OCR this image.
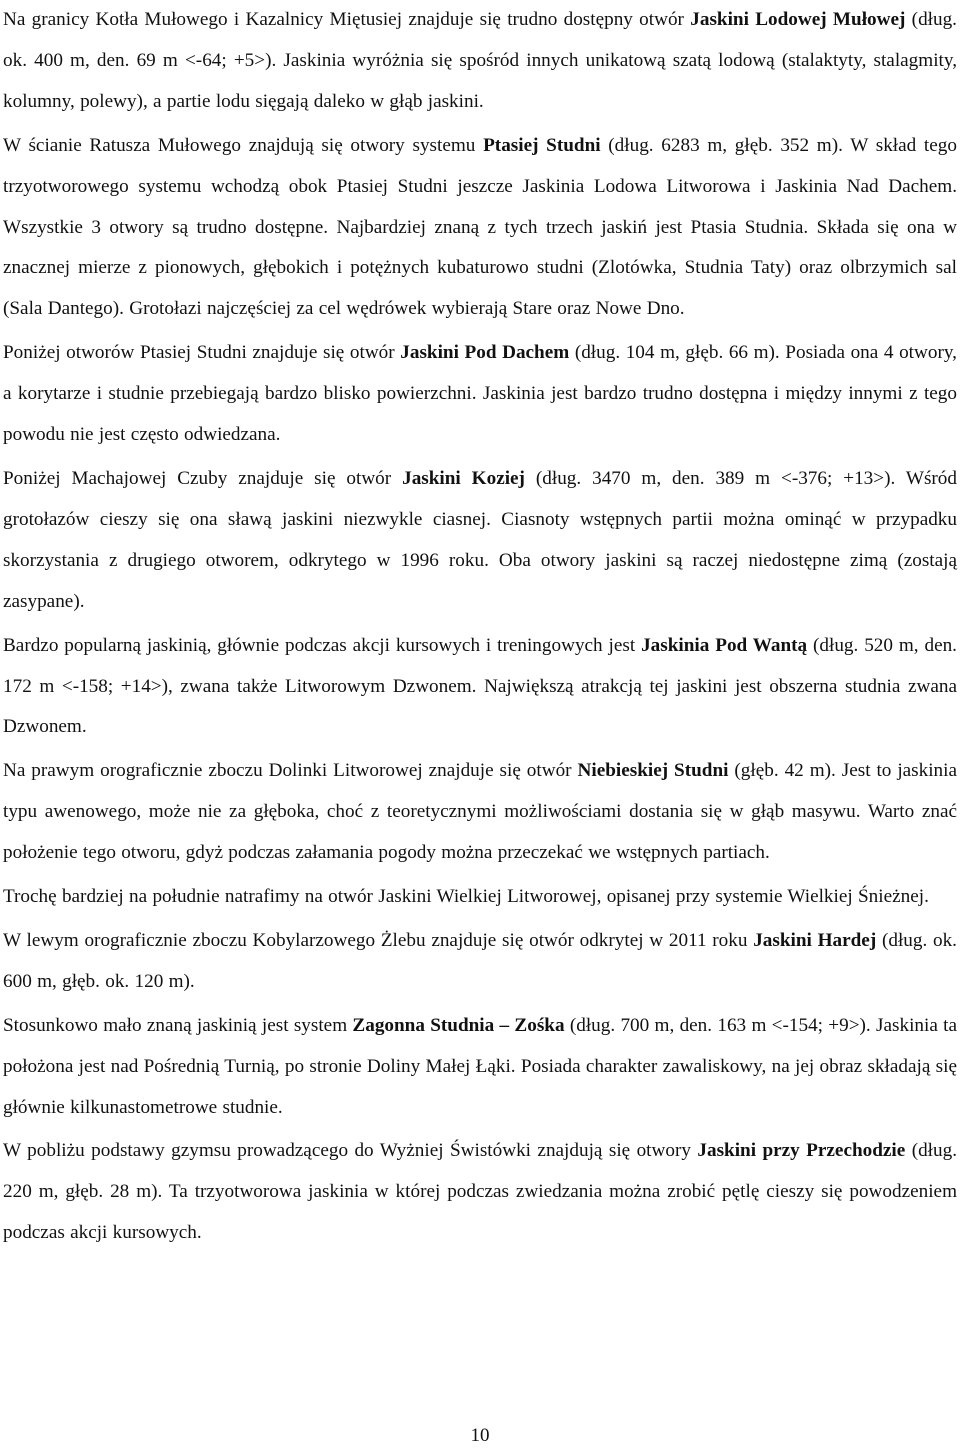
Na granicy Kotła Mułowego i Kazalnicy Miętusiej znajduje się trudno dostępny otwór Jaskini Lodowej Mułowej (dług. ok. 400 m, den. 69 m <-64; +5>). Jaskinia wyróżnia się spośród innych unikatową szatą lodową (stalaktyty, stalagmity, kolumny, polewy), a partie lodu sięgają daleko w głąb jaskini.

W ścianie Ratusza Mułowego znajdują się otwory systemu Ptasiej Studni (dług. 6283 m, głęb. 352 m). W skład tego trzyotworowego systemu wchodzą obok Ptasiej Studni jeszcze Jaskinia Lodowa Litworowa i Jaskinia Nad Dachem. Wszystkie 3 otwory są trudno dostępne. Najbardziej znaną z tych trzech jaskiń jest Ptasia Studnia. Składa się ona w znacznej mierze z pionowych, głębokich i potężnych kubaturowo studni (Zlotówka, Studnia Taty) oraz olbrzymich sal (Sala Dantego). Grotołazi najczęściej za cel wędrówek wybierają Stare oraz Nowe Dno.

Poniżej otworów Ptasiej Studni znajduje się otwór Jaskini Pod Dachem (dług. 104 m, głęb. 66 m). Posiada ona 4 otwory, a korytarze i studnie przebiegają bardzo blisko powierzchni. Jaskinia jest bardzo trudno dostępna i między innymi z tego powodu nie jest często odwiedzana.

Poniżej Machajowej Czuby znajduje się otwór Jaskini Koziej (dług. 3470 m, den. 389 m <-376; +13>). Wśród grotołazów cieszy się ona sławą jaskini niezwykle ciasnej. Ciasnoty wstępnych partii można ominąć w przypadku skorzystania z drugiego otworem, odkrytego w 1996 roku. Oba otwory jaskini są raczej niedostępne zimą (zostają zasypane).

Bardzo popularną jaskinią, głównie podczas akcji kursowych i treningowych jest Jaskinia Pod Wantą (dług. 520 m, den. 172 m <-158; +14>), zwana także Litworowym Dzwonem. Największą atrakcją tej jaskini jest obszerna studnia zwana Dzwonem.

Na prawym orograficznie zboczu Dolinki Litworowej znajduje się otwór Niebieskiej Studni (głęb. 42 m). Jest to jaskinia typu awenowego, może nie za głęboka, choć z teoretycznymi możliwościami dostania się w głąb masywu. Warto znać położenie tego otworu, gdyż podczas załamania pogody można przeczekać we wstępnych partiach.

Trochę bardziej na południe natrafimy na otwór Jaskini Wielkiej Litworowej, opisanej przy systemie Wielkiej Śnieżnej.

W lewym orograficznie zboczu Kobylarzowego Żlebu znajduje się otwór odkrytej w 2011 roku Jaskini Hardej (dług. ok. 600 m, głęb. ok. 120 m).

Stosunkowo mało znaną jaskinią jest system Zagonna Studnia – Zośka (dług. 700 m, den. 163 m <-154; +9>). Jaskinia ta położona jest nad Pośrednią Turnią, po stronie Doliny Małej Łąki. Posiada charakter zawaliskowy, na jej obraz składają się głównie kilkunastometrowe studnie.

W pobliżu podstawy gzymsu prowadzącego do Wyżniej Świstówki znajdują się otwory Jaskini przy Przechodzie (dług. 220 m, głęb. 28 m). Ta trzyotworowa jaskinia w której podczas zwiedzania można zrobić pętlę cieszy się powodzeniem podczas akcji kursowych.

10
